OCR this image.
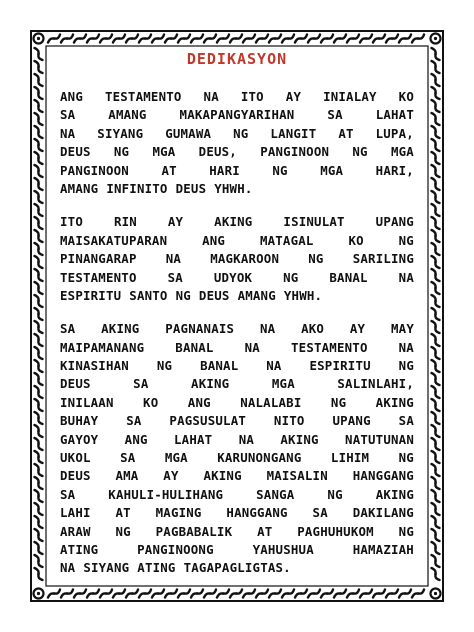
DEDIKASYON
ANG TESTAMENTO NA ITO AY INIALAY KO
SA	AMANG	MAKAPANGYARIHAN	SA	LAHAT
NA SIYANG GUMAWA NG LANGIT AT LUPA,
DEUS NG MGA DEUS, PANGINOON NG MGA
PANGINOON	AT	HARI	NG	MGA	HARI,
AMANG INFINITO DEUS YHWH.
ITO RIN AY AKING ISINULAT UPANG
MAISAKATUPARAN	ANG	MATAGAL	KO	NG
PINANGARAP NA MAGKAROON NG SARILING
TESTAMENTO SA UDYOK NG BANAL NA
ESPIRITU SANTO NG DEUS AMANG YHWH.
SA AKING PAGNANAIS NA AKO AY MAY
MAIPAMANANG	BANAL	NA	TESTAMENTO	NA
KINASIHAN NG BANAL NA ESPIRITU NG
DEUS	SA	AKING	MGA	SALINLAHI,
INILAAN KO ANG NALALABI NG AKING
BUHAY SA PAGSUSULAT NITO UPANG SA
GAYOY ANG LAHAT NA AKING NATUTUNAN
UKOL SA MGA KARUNONGANG LIHIM NG
DEUS AMA AY AKING MAISALIN HANGGANG
SA	KAHULI-HULIHANG	SANGA	NG	AKING
LAHI AT MAGING HANGGANG SA DAKILANG
ARAW NG PAGBABALIK AT PAGHUHUKOM NG
ATING	PANGINOONG	YAHUSHUA	HAMAZIAH
NA SIYANG ATING TAGAPAGLIGTAS.
